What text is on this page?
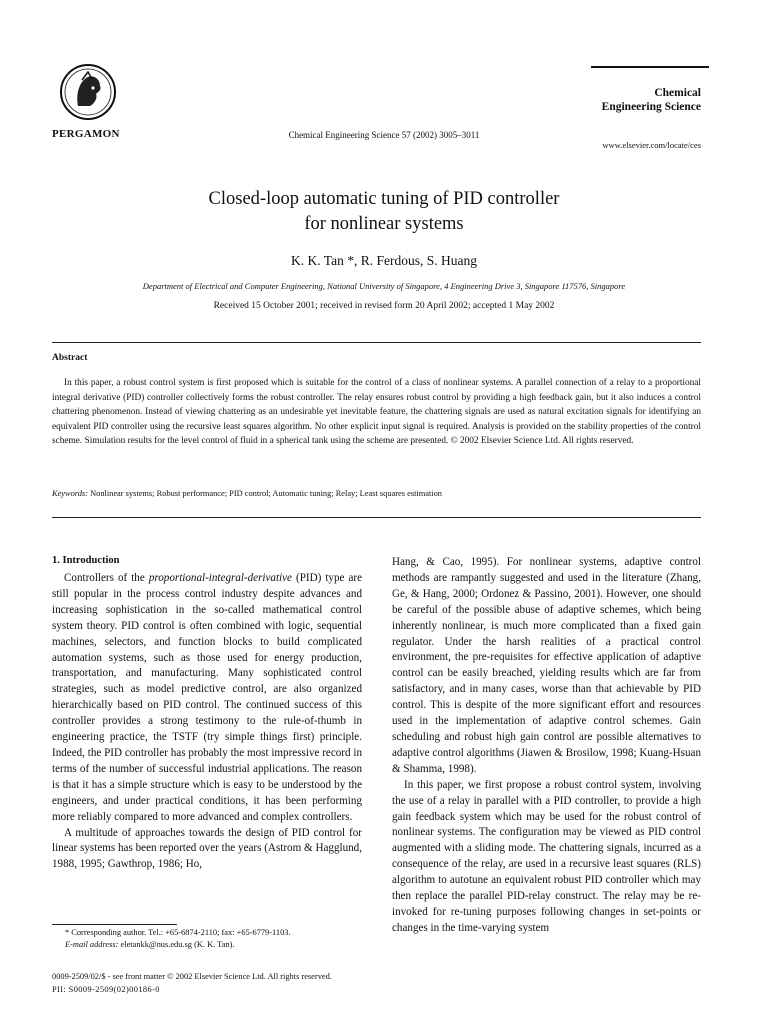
PERGAMON	Chemical Engineering Science 57 (2002) 3005–3011
Chemical
Engineering Science
www.elsevier.com/locate/ces
Closed-loop automatic tuning of PID controller
for nonlinear systems
K. K. Tan *, R. Ferdous, S. Huang
Department of Electrical and Computer Engineering, National University of Singapore, 4 Engineering Drive 3, Singapore 117576, Singapore
Received 15 October 2001; received in revised form 20 April 2002; accepted 1 May 2002
Abstract
In this paper, a robust control system is first proposed which is suitable for the control of a class of nonlinear systems. A parallel connection of a relay to a proportional integral derivative (PID) controller collectively forms the robust controller. The relay ensures robust control by providing a high feedback gain, but it also induces a control chattering phenomenon. Instead of viewing chattering as an undesirable yet inevitable feature, the chattering signals are used as natural excitation signals for identifying an equivalent PID controller using the recursive least squares algorithm. No other explicit input signal is required. Analysis is provided on the stability properties of the control scheme. Simulation results for the level control of fluid in a spherical tank using the scheme are presented. © 2002 Elsevier Science Ltd. All rights reserved.
Keywords: Nonlinear systems; Robust performance; PID control; Automatic tuning; Relay; Least squares estimation
1. Introduction

Controllers of the proportional-integral-derivative (PID) type are still popular in the process control industry despite advances and increasing sophistication in the so-called mathematical control system theory. PID control is often combined with logic, sequential machines, selectors, and function blocks to build complicated automation systems, such as those used for energy production, transportation, and manufacturing. Many sophisticated control strategies, such as model predictive control, are also organized hierarchically based on PID control. The continued success of this controller provides a strong testimony to the rule-of-thumb in engineering practice, the TSTF (try simple things first) principle. Indeed, the PID controller has probably the most impressive record in terms of the number of successful industrial applications. The reason is that it has a simple structure which is easy to be understood by the engineers, and under practical conditions, it has been performing more reliably compared to more advanced and complex controllers.

A multitude of approaches towards the design of PID control for linear systems has been reported over the years (Astrom & Hagglund, 1988, 1995; Gawthrop, 1986; Ho,

Hang, & Cao, 1995). For nonlinear systems, adaptive control methods are rampantly suggested and used in the literature (Zhang, Ge, & Hang, 2000; Ordonez & Passino, 2001). However, one should be careful of the possible abuse of adaptive schemes, which being inherently nonlinear, is much more complicated than a fixed gain regulator. Under the harsh realities of a practical control environment, the pre-requisites for effective application of adaptive control can be easily breached, yielding results which are far from satisfactory, and in many cases, worse than that achievable by PID control. This is despite of the more significant effort and resources used in the implementation of adaptive control schemes. Gain scheduling and robust high gain control are possible alternatives to adaptive control algorithms (Jiawen & Brosilow, 1998; Kuang-Hsuan & Shamma, 1998).

In this paper, we first propose a robust control system, involving the use of a relay in parallel with a PID controller, to provide a high gain feedback system which may be used for the robust control of nonlinear systems. The configuration may be viewed as PID control augmented with a sliding mode. The chattering signals, incurred as a consequence of the relay, are used in a recursive least squares (RLS) algorithm to autotune an equivalent robust PID controller which may then replace the parallel PID-relay construct. The relay may be re-invoked for re-tuning purposes following changes in set-points or changes in the time-varying system

* Corresponding author. Tel.: +65-6874-2110; fax: +65-6779-1103.
E-mail address: eletankk@nus.edu.sg (K. K. Tan).
0009-2509/02/$ - see front matter © 2002 Elsevier Science Ltd. All rights reserved.
PII: S0009-2509(02)00186-0
